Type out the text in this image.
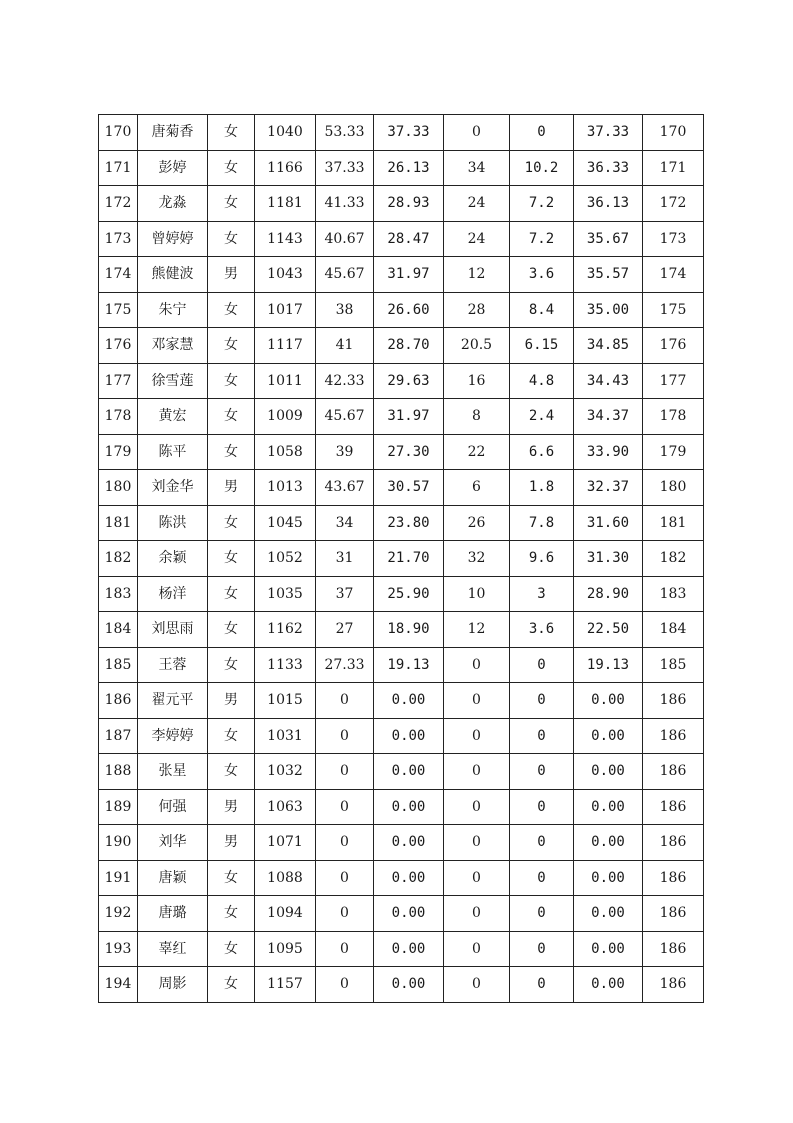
170	唐菊香	女	1040	53.33	37.33	0	0	37.33	170
171	彭婷	女	1166	37.33	26.13	34	10.2	36.33	171
172	龙淼	女	1181	41.33	28.93	24	7.2	36.13	172
173	曾婷婷	女	1143	40.67	28.47	24	7.2	35.67	173
174	熊健波	男	1043	45.67	31.97	12	3.6	35.57	174
175	朱宁	女	1017	38	26.60	28	8.4	35.00	175
176	邓家慧	女	1117	41	28.70	20.5	6.15	34.85	176
177	徐雪莲	女	1011	42.33	29.63	16	4.8	34.43	177
178	黄宏	女	1009	45.67	31.97	8	2.4	34.37	178
179	陈平	女	1058	39	27.30	22	6.6	33.90	179
180	刘金华	男	1013	43.67	30.57	6	1.8	32.37	180
181	陈洪	女	1045	34	23.80	26	7.8	31.60	181
182	余颖	女	1052	31	21.70	32	9.6	31.30	182
183	杨洋	女	1035	37	25.90	10	3	28.90	183
184	刘思雨	女	1162	27	18.90	12	3.6	22.50	184
185	王蓉	女	1133	27.33	19.13	0	0	19.13	185
186	翟元平	男	1015	0	0.00	0	0	0.00	186
187	李婷婷	女	1031	0	0.00	0	0	0.00	186
188	张星	女	1032	0	0.00	0	0	0.00	186
189	何强	男	1063	0	0.00	0	0	0.00	186
190	刘华	男	1071	0	0.00	0	0	0.00	186
191	唐颖	女	1088	0	0.00	0	0	0.00	186
192	唐璐	女	1094	0	0.00	0	0	0.00	186
193	辜红	女	1095	0	0.00	0	0	0.00	186
194	周影	女	1157	0	0.00	0	0	0.00	186
